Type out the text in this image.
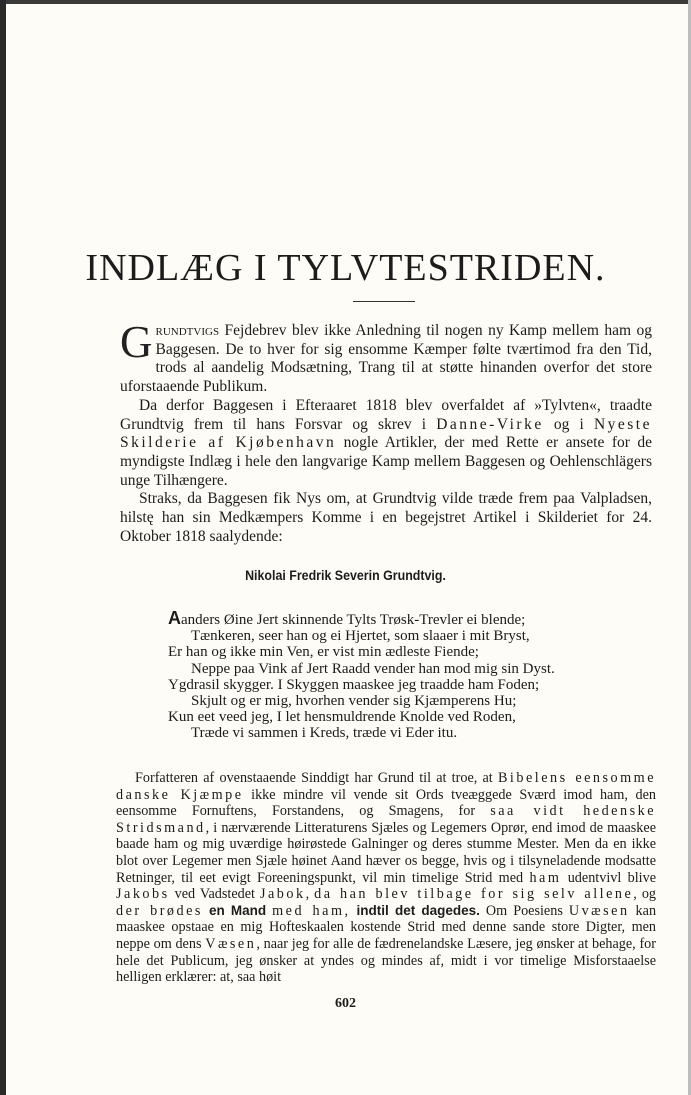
INDLÆG I TYLVTESTRIDEN.

Grundtvigs Fejdebrev blev ikke Anledning til nogen ny Kamp mellem ham og Baggesen. De to hver for sig ensomme Kæmper følte tværtimod fra den Tid, trods al aandelig Modsætning, Trang til at støtte hinanden overfor det store uforstaaende Publikum.

Da derfor Baggesen i Efteraaret 1818 blev overfaldet af »Tylvten«, traadte Grundtvig frem til hans Forsvar og skrev i Danne-Virke og i Nyeste Skilderie af Kjøbenhavn nogle Artikler, der med Rette er ansete for de myndigste Indlæg i hele den langvarige Kamp mellem Baggesen og Oehlenschlägers unge Tilhængere.

Straks, da Baggesen fik Nys om, at Grundtvig vilde træde frem paa Valpladsen, hilstę han sin Medkæmpers Komme i en begejstret Artikel i Skilderiet for 24. Oktober 1818 saalydende:

Nikolai Fredrik Severin Grundtvig.
Aanders Øine Jert skinnende Tylts Trøsk-Trevler ei blende;
Tænkeren, seer han og ei Hjertet, som slaaer i mit Bryst,
Er han og ikke min Ven, er vist min ædleste Fiende;
Neppe paa Vink af Jert Raadd vender han mod mig sin Dyst.
Ygdrasil skygger. I Skyggen maaskee jeg traadde ham Foden;
Skjult og er mig, hvorhen vender sig Kjæmperens Hu;
Kun eet veed jeg, I let hensmuldrende Knolde ved Roden,
Træde vi sammen i Kreds, træde vi Eder itu.

Forfatteren af ovenstaaende Sinddigt har Grund til at troe, at Bibelens eensomme danske Kjæmpe ikke mindre vil vende sit Ords tveæggede Sværd imod ham, den eensomme Fornuftens, Forstandens, og Smagens, for saa vidt hedenske Stridsmand, i nærværende Litteraturens Sjæles og Legemers Oprør, end imod de maaskee baade ham og mig uværdige høirøstede Galninger og deres stumme Mester. Men da en ikke blot over Legemer men Sjæle høinet Aand hæver os begge, hvis og i tilsyneladende modsatte Retninger, til eet evigt Foreeningspunkt, vil min timelige Strid med ham udentvivl blive Jakobs ved Vadstedet Jabok, da han blev tilbage for sig selv allene, og der brødes en Mand med ham, indtil det dagedes. Om Poesiens Uvæsen kan maaskee opstaae en mig Hofteskaalen kostende Strid med denne sande store Digter, men neppe om dens Væsen, naar jeg for alle de fædrenelandske Læsere, jeg ønsker at behage, for hele det Publicum, jeg ønsker at yndes og mindes af, midt i vor timelige Misforstaaelse helligen erklærer: at, saa høit

602
